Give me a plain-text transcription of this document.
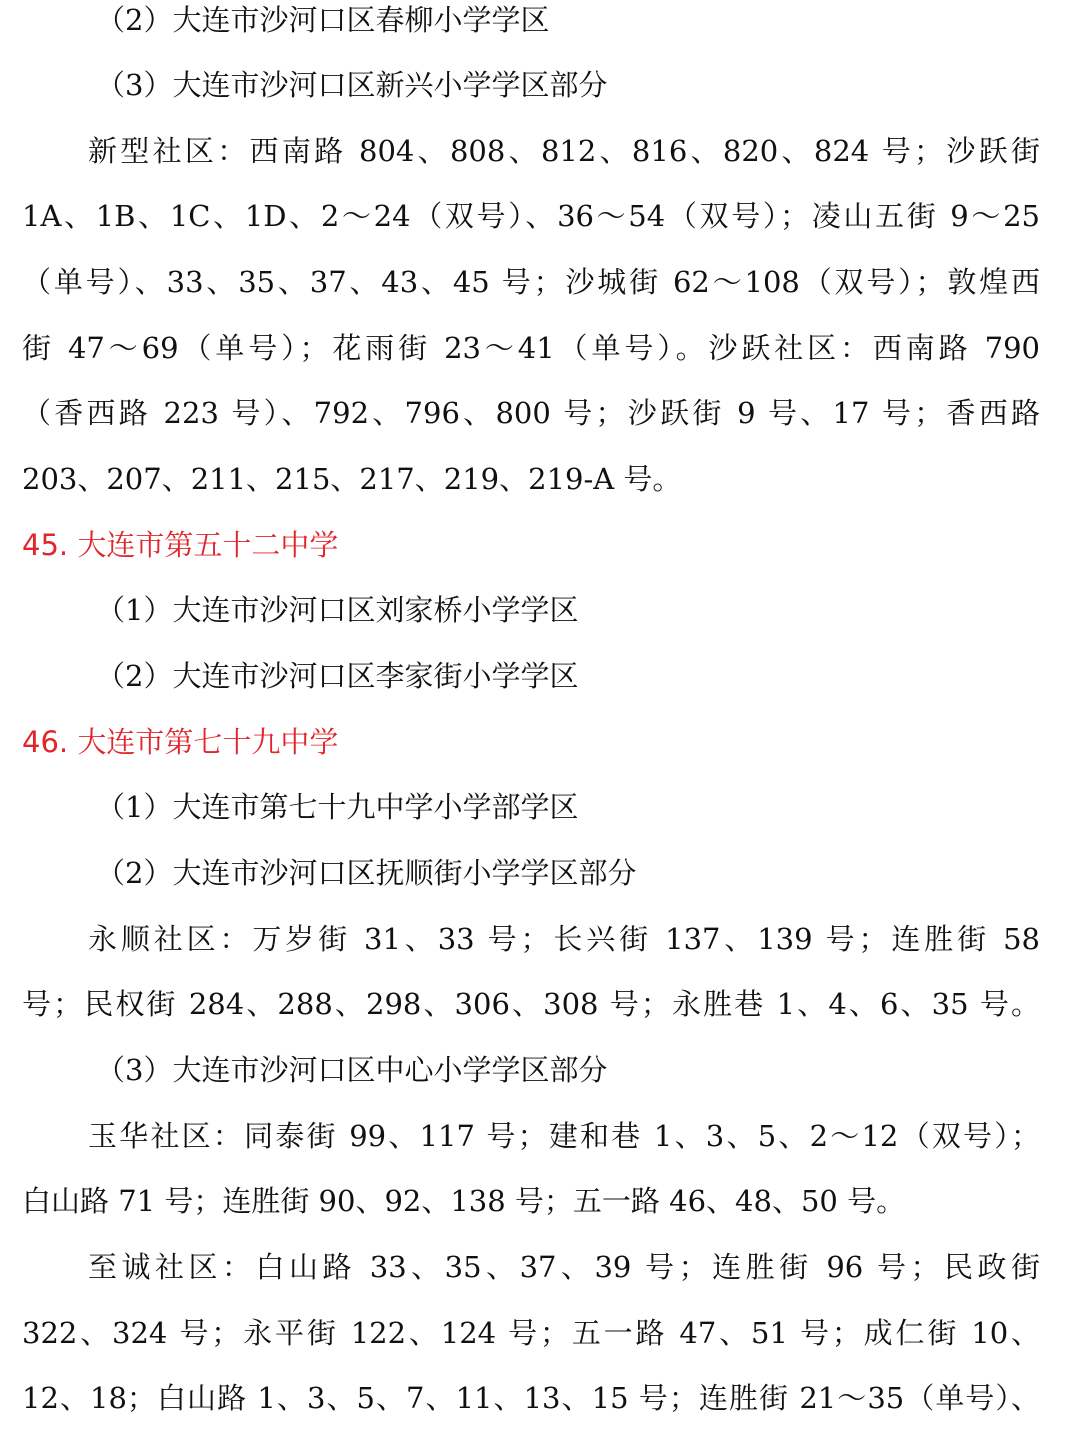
（2）大连市沙河口区春柳小学学区
（3）大连市沙河口区新兴小学学区部分
新型社区：西南路 804、808、812、816、820、824 号；沙跃街
1A、1B、1C、1D、2～24（双号）、36～54（双号）；凌山五街 9～25
（单号）、33、35、37、43、45 号；沙城街 62～108（双号）；敦煌西
街 47～69（单号）；花雨街 23～41（单号）。沙跃社区：西南路 790
（香西路 223 号）、792、796、800 号；沙跃街 9 号、17 号；香西路
203、207、211、215、217、219、219-A 号。
45. 大连市第五十二中学
（1）大连市沙河口区刘家桥小学学区
（2）大连市沙河口区李家街小学学区
46. 大连市第七十九中学
（1）大连市第七十九中学小学部学区
（2）大连市沙河口区抚顺街小学学区部分
永顺社区：万岁街 31、33 号；长兴街 137、139 号；连胜街 58
号；民权街 284、288、298、306、308 号；永胜巷 1、4、6、35 号。
（3）大连市沙河口区中心小学学区部分
玉华社区：同泰街 99、117 号；建和巷 1、3、5、2～12（双号）；
白山路 71 号；连胜街 90、92、138 号；五一路 46、48、50 号。
至诚社区：白山路 33、35、37、39 号；连胜街 96 号；民政街
322、324 号；永平街 122、124 号；五一路 47、51 号；成仁街 10、
12、18；白山路 1、3、5、7、11、13、15 号；连胜街 21～35（单号）、
